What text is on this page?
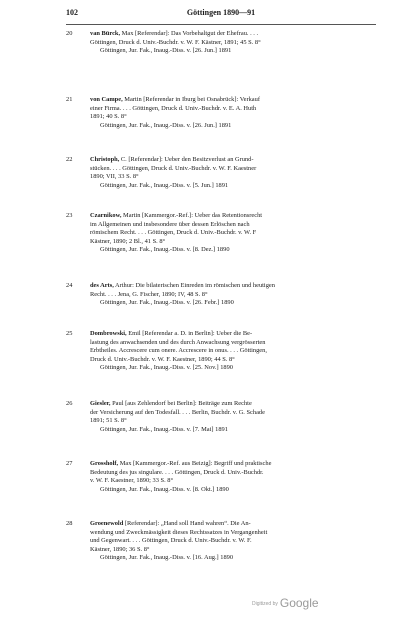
102	Göttingen 1890—91
20	van Bürck, Max [Referendar]: Das Vorbehaltgut der Ehefrau. . . .
Göttingen, Druck d. Univ.-Buchdr. v. W. F. Kästner, 1891; 45 S. 8°
Göttingen, Jur. Fak., Inaug.-Diss. v. [26. Jun.] 1891
21	von Campe, Martin [Referendar in Iburg bei Osnabrück]: Verkauf
einer Firma. . . . Göttingen, Druck d. Univ.-Buchdr. v. E. A. Huth
1891; 40 S. 8°
Göttingen, Jur. Fak., Inaug.-Diss. v. [26. Jun.] 1891
22	Christoph, C. [Referendar]: Ueber den Besitzverlust an Grund-
stücken. . . . Göttingen, Druck d. Univ.-Buchdr. v. W. F. Kaestner
1890; VII, 33 S. 8°
Göttingen, Jur. Fak., Inaug.-Diss. v. [5. Jun.] 1891
23	Czarnikow, Martin [Kammergor.-Ref.]: Ueber das Retentionsrecht
im Allgemeinen und insbesondere über dessen Erlöschen nach
römischem Recht. . . . Göttingen, Druck d. Univ.-Buchdr. v. W. F
Kästner, 1890; 2 Bl., 41 S. 8°
Göttingen, Jur. Fak., Inaug.-Diss. v. [8. Dez.] 1890
24	des Arts, Arthur: Die bilaterischen Einreden im römischen und heutigen
Recht. . . . Jena, G. Fischer, 1890; IV, 48 S. 8°
Göttingen, Jur. Fak., Inaug.-Diss. v. [26. Febr.] 1890
25	Dombrowski, Emil [Referendar a. D. in Berlin]: Ueber die Be-
lastung des anwachsenden und des durch Anwachsung vergrösserten
Erbtheiles. Accrescere cum onere. Accrescere in onus. . . . Göttingen,
Druck d. Univ.-Buchdr. v. W. F. Kaestner, 1890; 44 S. 8°
Göttingen, Jur. Fak., Inaug.-Diss. v. [25. Nov.] 1890
26	Giesler, Paul [aus Zehlendorf bei Berlin]: Beiträge zum Rechte
der Versicherung auf den Todesfall. . . . Berlin, Buchdr. v. G. Schade
1891; 51 S. 8°
Göttingen, Jur. Fak., Inaug.-Diss. v. [7. Mai] 1891
27	Grossholf, Max [Kammergor.-Ref. aus Beizig]: Begriff und praktische
Bedeutung des jus singulare. . . . Göttingen, Druck d. Univ.-Buchdr.
v. W. F. Kaestner, 1890; 33 S. 8°
Göttingen, Jur. Fak., Inaug.-Diss. v. [8. Okt.] 1890
28	Groenewold [Referendar]: „Hand soll Hand wahren“. Die An-
wendung und Zweckmässigkeit dieses Rechtssatzes in Vergangenheit
und Gegenwart. . . . Göttingen, Druck d. Univ.-Buchdr. v. W. F.
Kästner, 1890; 36 S. 8°
Göttingen, Jur. Fak., Inaug.-Diss. v. [16. Aug.] 1890
Digitized by Google
